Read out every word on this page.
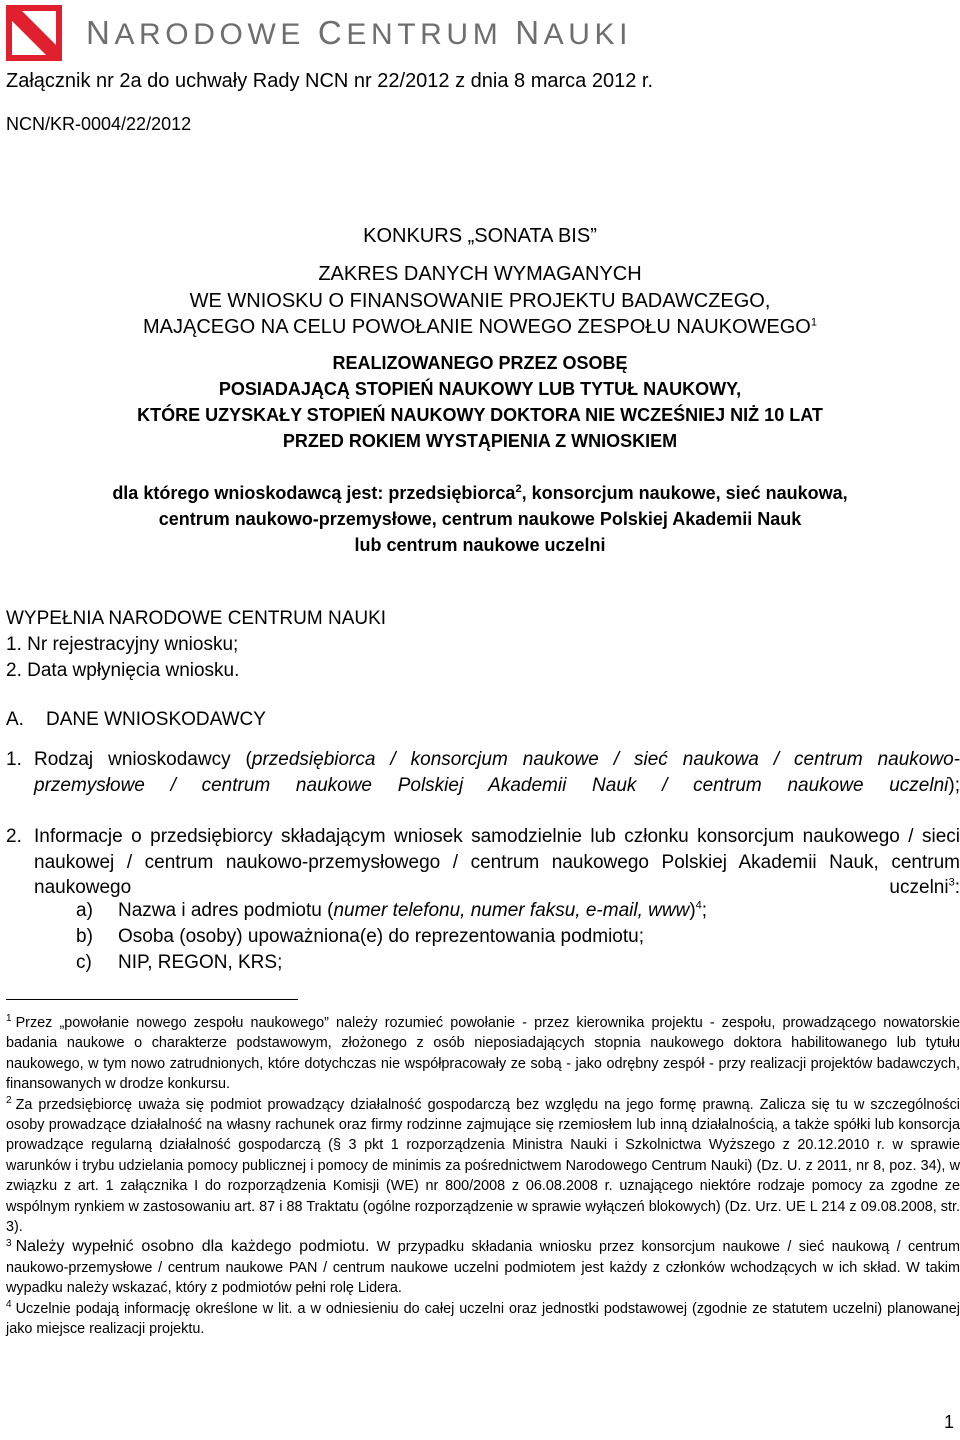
NARODOWE CENTRUM NAUKI
Załącznik nr 2a do uchwały Rady NCN nr 22/2012 z dnia 8 marca 2012 r.
NCN/KR-0004/22/2012
KONKURS „SONATA BIS”
ZAKRES DANYCH WYMAGANYCH
WE WNIOSKU O FINANSOWANIE PROJEKTU BADAWCZEGO,
MAJĄCEGO NA CELU POWOŁANIE NOWEGO ZESPOŁU NAUKOWEGO$^1$
REALIZOWANEGO PRZEZ OSOBĘ
POSIADAJĄCĄ STOPIEŃ NAUKOWY LUB TYTUŁ NAUKOWY,
KTÓRE UZYSKAŁY STOPIEŃ NAUKOWY DOKTORA NIE WCZEŚNIEJ NIŻ 10 LAT
PRZED ROKIEM WYSTĄPIENIA Z WNIOSKIEM
dla którego wnioskodawcą jest: przedsiębiorca$^2$, konsorcjum naukowe, sieć naukowa,
centrum naukowo-przemysłowe, centrum naukowe Polskiej Akademii Nauk
lub centrum naukowe uczelni
WYPEŁNIA NARODOWE CENTRUM NAUKI
1. Nr rejestracyjny wniosku;
2. Data wpłynięcia wniosku.
A. DANE WNIOSKODAWCY
1. Rodzaj wnioskodawcy (przedsiębiorca / konsorcjum naukowe / sieć naukowa / centrum naukowo-przemysłowe / centrum naukowe Polskiej Akademii Nauk / centrum naukowe uczelni);
2. Informacje o przedsiębiorcy składającym wniosek samodzielnie lub członku konsorcjum naukowego / sieci naukowej / centrum naukowo-przemysłowego / centrum naukowego Polskiej Akademii Nauk, centrum naukowego uczelni$^3$:
a) Nazwa i adres podmiotu (numer telefonu, numer faksu, e-mail, www)$^4$;
b) Osoba (osoby) upoważniona(e) do reprezentowania podmiotu;
c) NIP, REGON, KRS;
$^1$ Przez „powołanie nowego zespołu naukowego” należy rozumieć powołanie - przez kierownika projektu - zespołu, prowadzącego nowatorskie badania naukowe o charakterze podstawowym, złożonego z osób nieposiadających stopnia naukowego doktora habilitowanego lub tytułu naukowego, w tym nowo zatrudnionych, które dotychczas nie współpracowały ze sobą - jako odrębny zespół - przy realizacji projektów badawczych, finansowanych w drodze konkursu.
$^2$ Za przedsiębiorcę uważa się podmiot prowadzący działalność gospodarczą bez względu na jego formę prawną. Zalicza się tu w szczególności osoby prowadzące działalność na własny rachunek oraz firmy rodzinne zajmujące się rzemiosłem lub inną działalnością, a także spółki lub konsorcja prowadzące regularną działalność gospodarczą (§ 3 pkt 1 rozporządzenia Ministra Nauki i Szkolnictwa Wyższego z 20.12.2010 r. w sprawie warunków i trybu udzielania pomocy publicznej i pomocy de minimis za pośrednictwem Narodowego Centrum Nauki) (Dz. U. z 2011, nr 8, poz. 34), w związku z art. 1 załącznika I do rozporządzenia Komisji (WE) nr 800/2008 z 06.08.2008 r. uznającego niektóre rodzaje pomocy za zgodne ze wspólnym rynkiem w zastosowaniu art. 87 i 88 Traktatu (ogólne rozporządzenie w sprawie wyłączeń blokowych) (Dz. Urz. UE L 214 z 09.08.2008, str. 3).
$^3$ Należy wypełnić osobno dla każdego podmiotu. W przypadku składania wniosku przez konsorcjum naukowe / sieć naukową / centrum naukowo-przemysłowe / centrum naukowe PAN / centrum naukowe uczelni podmiotem jest każdy z członków wchodzących w ich skład. W takim wypadku należy wskazać, który z podmiotów pełni rolę Lidera.
$^4$ Uczelnie podają informację określone w lit. a w odniesieniu do całej uczelni oraz jednostki podstawowej (zgodnie ze statutem uczelni) planowanej jako miejsce realizacji projektu.
1
